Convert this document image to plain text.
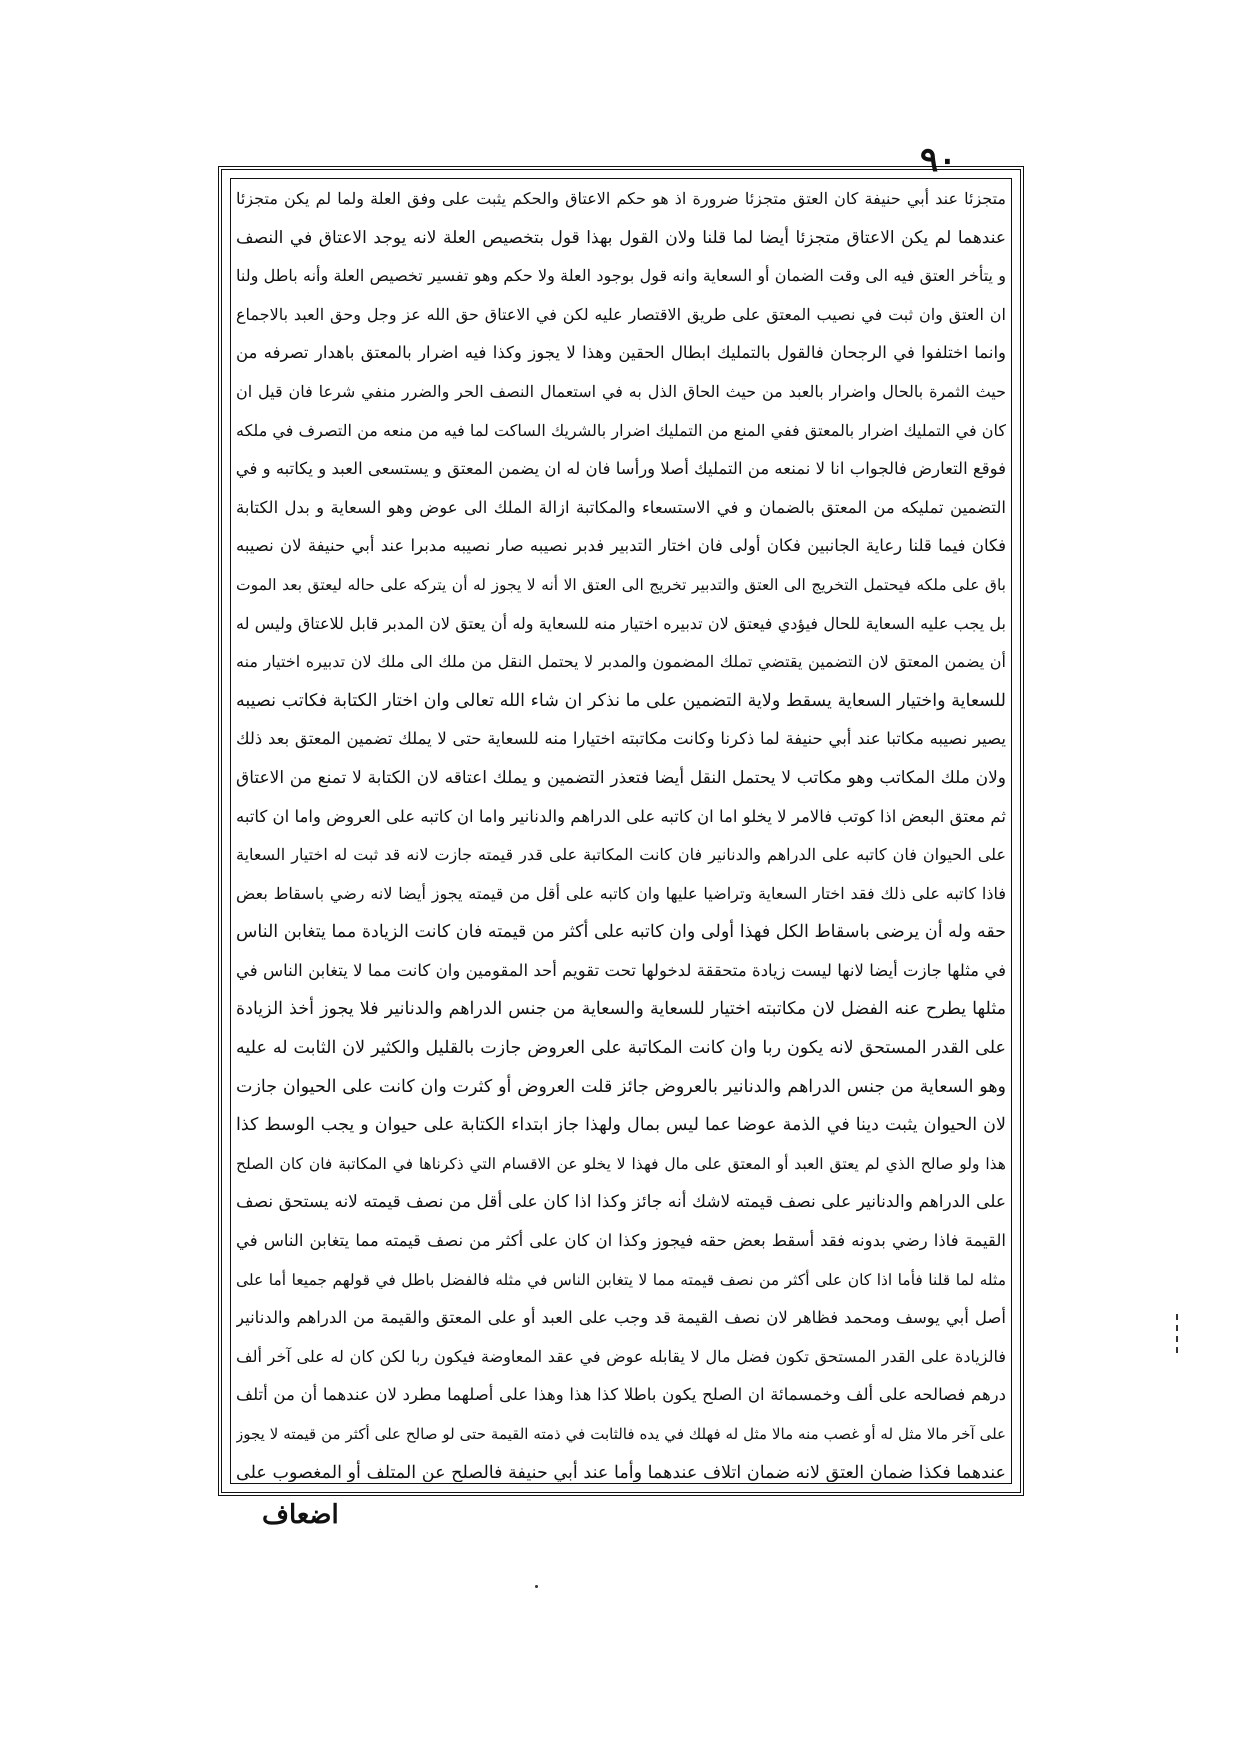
٩٠
متجزئا عند أبي حنيفة كان العتق متجزئا ضرورة اذ هو حكم الاعتاق والحكم يثبت على وفق العلة ولما لم يكن متجزئا
عندهما لم يكن الاعتاق متجزئا أيضا لما قلنا ولان القول بهذا قول بتخصيص العلة لانه يوجد الاعتاق في النصف
و يتأخر العتق فيه الى وقت الضمان أو السعاية وانه قول بوجود العلة ولا حكم وهو تفسير تخصيص العلة وأنه باطل ولنا
ان العتق وان ثبت في نصيب المعتق على طريق الاقتصار عليه لكن في الاعتاق حق الله عز وجل وحق العبد بالاجماع
وانما اختلفوا في الرجحان فالقول بالتمليك ابطال الحقين وهذا لا يجوز وكذا فيه اضرار بالمعتق باهدار تصرفه من
حيث الثمرة بالحال واضرار بالعبد من حيث الحاق الذل به في استعمال النصف الحر والضرر منفي شرعا فان قيل ان
كان في التمليك اضرار بالمعتق ففي المنع من التمليك اضرار بالشريك الساكت لما فيه من منعه من التصرف في ملكه
فوقع التعارض فالجواب انا لا نمنعه من التمليك أصلا ورأسا فان له ان يضمن المعتق و يستسعى العبد و يكاتبه و في
التضمين تمليكه من المعتق بالضمان و في الاستسعاء والمكاتبة ازالة الملك الى عوض وهو السعاية و بدل الكتابة
فكان فيما قلنا رعاية الجانبين فكان أولى فان اختار التدبير فدبر نصيبه صار نصيبه مدبرا عند أبي حنيفة لان نصيبه
باق على ملكه فيحتمل التخريج الى العتق والتدبير تخريج الى العتق الا أنه لا يجوز له أن يتركه على حاله ليعتق بعد الموت
بل يجب عليه السعاية للحال فيؤدي فيعتق لان تدبيره اختيار منه للسعاية وله أن يعتق لان المدبر قابل للاعتاق وليس له
أن يضمن المعتق لان التضمين يقتضي تملك المضمون والمدبر لا يحتمل النقل من ملك الى ملك لان تدبيره اختيار منه
للسعاية واختيار السعاية يسقط ولاية التضمين على ما نذكر ان شاء الله تعالى وان اختار الكتابة فكاتب نصيبه
يصير نصيبه مكاتبا عند أبي حنيفة لما ذكرنا وكانت مكاتبته اختيارا منه للسعاية حتى لا يملك تضمين المعتق بعد ذلك
ولان ملك المكاتب وهو مكاتب لا يحتمل النقل أيضا فتعذر التضمين و يملك اعتاقه لان الكتابة لا تمنع من الاعتاق
ثم معتق البعض اذا كوتب فالامر لا يخلو اما ان كاتبه على الدراهم والدنانير واما ان كاتبه على العروض واما ان كاتبه
على الحيوان فان كاتبه على الدراهم والدنانير فان كانت المكاتبة على قدر قيمته جازت لانه قد ثبت له اختيار السعاية
فاذا كاتبه على ذلك فقد اختار السعاية وتراضيا عليها وان كاتبه على أقل من قيمته يجوز أيضا لانه رضي باسقاط بعض
حقه وله أن يرضى باسقاط الكل فهذا أولى وان كاتبه على أكثر من قيمته فان كانت الزيادة مما يتغابن الناس
في مثلها جازت أيضا لانها ليست زيادة متحققة لدخولها تحت تقويم أحد المقومين وان كانت مما لا يتغابن الناس في
مثلها يطرح عنه الفضل لان مكاتبته اختيار للسعاية والسعاية من جنس الدراهم والدنانير فلا يجوز أخذ الزيادة
على القدر المستحق لانه يكون ربا وان كانت المكاتبة على العروض جازت بالقليل والكثير لان الثابت له عليه
وهو السعاية من جنس الدراهم والدنانير بالعروض جائز قلت العروض أو كثرت وان كانت على الحيوان جازت
لان الحيوان يثبت دينا في الذمة عوضا عما ليس بمال ولهذا جاز ابتداء الكتابة على حيوان و يجب الوسط كذا
هذا ولو صالح الذي لم يعتق العبد أو المعتق على مال فهذا لا يخلو عن الاقسام التي ذكرناها في المكاتبة فان كان الصلح
على الدراهم والدنانير على نصف قيمته لاشك أنه جائز وكذا اذا كان على أقل من نصف قيمته لانه يستحق نصف
القيمة فاذا رضي بدونه فقد أسقط بعض حقه فيجوز وكذا ان كان على أكثر من نصف قيمته مما يتغابن الناس في
مثله لما قلنا فأما اذا كان على أكثر من نصف قيمته مما لا يتغابن الناس في مثله فالفضل باطل في قولهم جميعا أما على
أصل أبي يوسف ومحمد فظاهر لان نصف القيمة قد وجب على العبد أو على المعتق والقيمة من الدراهم والدنانير
فالزيادة على القدر المستحق تكون فضل مال لا يقابله عوض في عقد المعاوضة فيكون ربا لكن كان له على آخر ألف
درهم فصالحه على ألف وخمسمائة ان الصلح يكون باطلا كذا هذا وهذا على أصلهما مطرد لان عندهما أن من أتلف
على آخر مالا مثل له أو غصب منه مالا مثل له فهلك في يده فالثابت في ذمته القيمة حتى لو صالح على أكثر من قيمته لا يجوز
عندهما فكذا ضمان العتق لانه ضمان اتلاف عندهما وأما عند أبي حنيفة فالصلح عن المتلف أو المغصوب على
اضعاف
